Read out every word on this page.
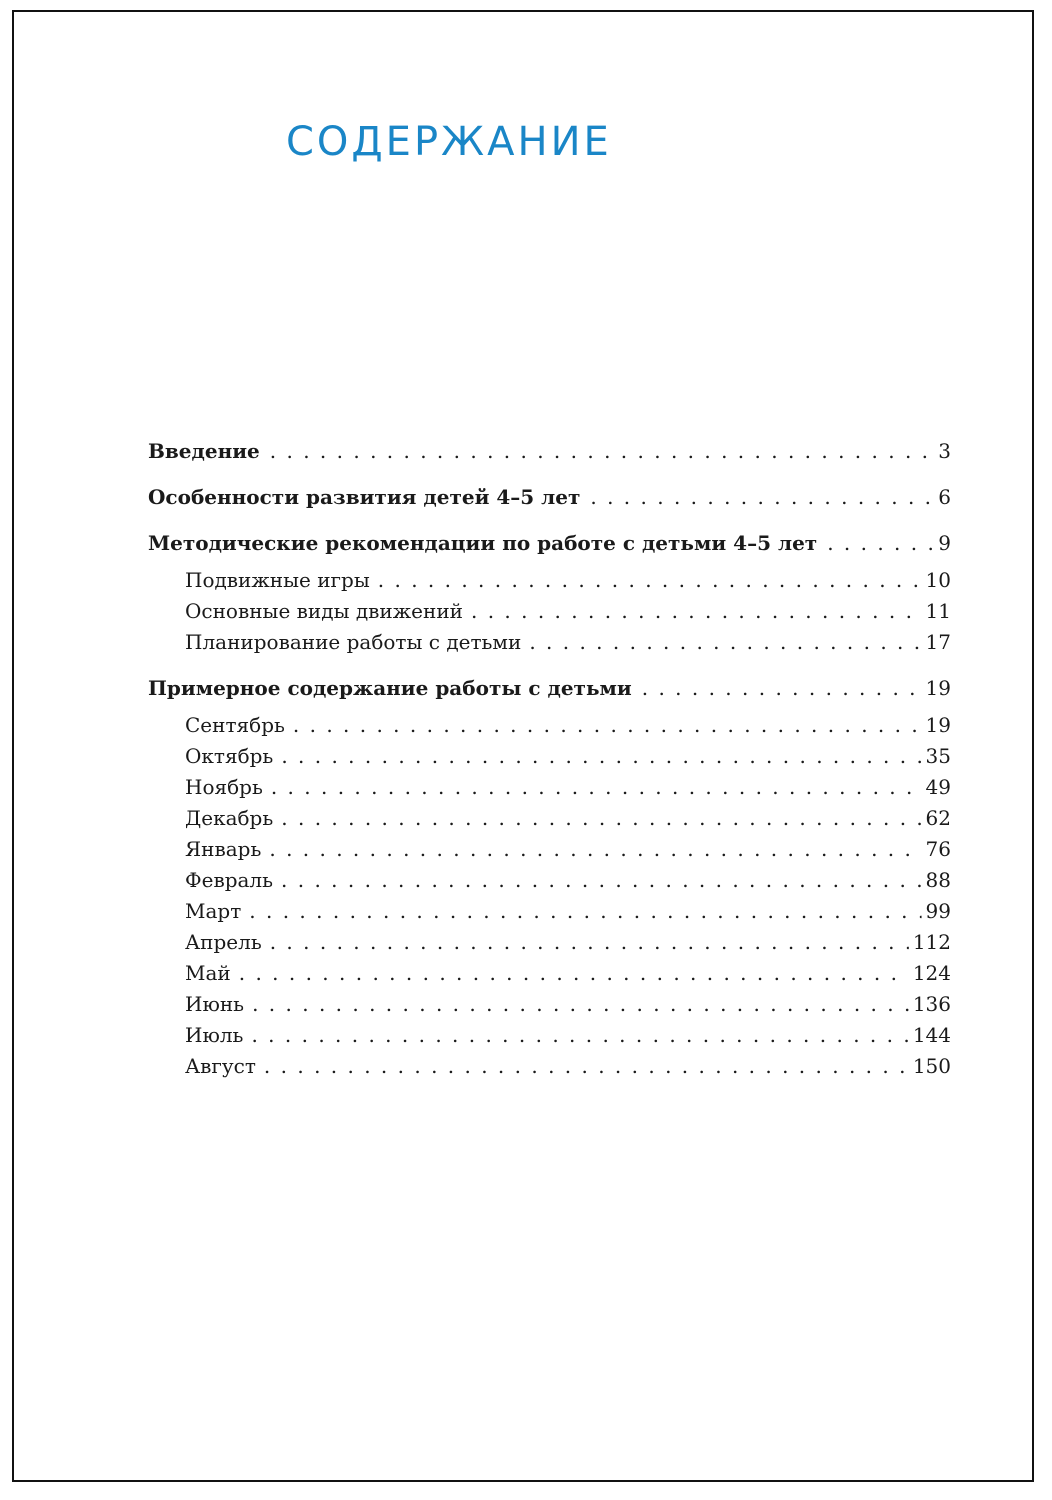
СОДЕРЖАНИЕ
Введение . . .	3
Особенности развития детей 4–5 лет . . .	6
Методические рекомендации по работе с детьми 4–5 лет . . .	9
Подвижные игры . . .	10
Основные виды движений . . .	11
Планирование работы с детьми . . .	17
Примерное содержание работы с детьми . . .	19
Сентябрь . . .	19
Октябрь . . .	35
Ноябрь . . .	49
Декабрь . . .	62
Январь . . .	76
Февраль . . .	88
Март . . .	99
Апрель . . .	112
Май . . .	124
Июнь . . .	136
Июль . . .	144
Август . . .	150
